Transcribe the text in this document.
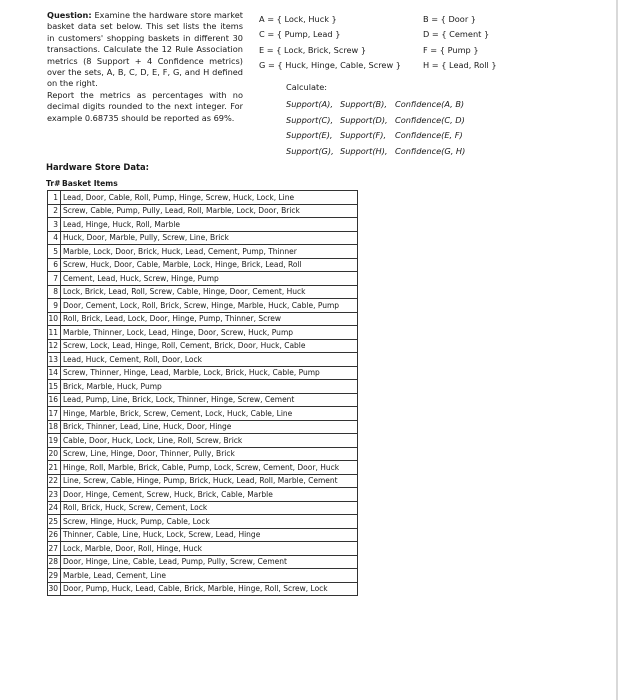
Question: Examine the hardware store market basket data set below. This set lists the items in customers' shopping baskets in different 30 transactions. Calculate the 12 Rule Association metrics (8 Support + 4 Confidence metrics) over the sets, A, B, C, D, E, F, G, and H defined on the right.

Report the metrics as percentages with no decimal digits rounded to the next integer. For example 0.68735 should be reported as 69%.

A = { Lock, Huck }
C = { Pump, Lead }
E = { Lock, Brick, Screw }
G = { Huck, Hinge, Cable, Screw }
B = { Door }
D = { Cement }
F = { Pump }
H = { Lead, Roll }
Calculate:
Support(A), Support(B), Confidence(A, B)
Support(C), Support(D), Confidence(C, D)
Support(E), Support(F), Confidence(E, F)
Support(G), Support(H), Confidence(G, H)
Hardware Store Data:
Tr# Basket Items
1	Lead, Door, Cable, Roll, Pump, Hinge, Screw, Huck, Lock, Line
2	Screw, Cable, Pump, Pully, Lead, Roll, Marble, Lock, Door, Brick
3	Lead, Hinge, Huck, Roll, Marble
4	Huck, Door, Marble, Pully, Screw, Line, Brick
5	Marble, Lock, Door, Brick, Huck, Lead, Cement, Pump, Thinner
6	Screw, Huck, Door, Cable, Marble, Lock, Hinge, Brick, Lead, Roll
7	Cement, Lead, Huck, Screw, Hinge, Pump
8	Lock, Brick, Lead, Roll, Screw, Cable, Hinge, Door, Cement, Huck
9	Door, Cement, Lock, Roll, Brick, Screw, Hinge, Marble, Huck, Cable, Pump
10	Roll, Brick, Lead, Lock, Door, Hinge, Pump, Thinner, Screw
11	Marble, Thinner, Lock, Lead, Hinge, Door, Screw, Huck, Pump
12	Screw, Lock, Lead, Hinge, Roll, Cement, Brick, Door, Huck, Cable
13	Lead, Huck, Cement, Roll, Door, Lock
14	Screw, Thinner, Hinge, Lead, Marble, Lock, Brick, Huck, Cable, Pump
15	Brick, Marble, Huck, Pump
16	Lead, Pump, Line, Brick, Lock, Thinner, Hinge, Screw, Cement
17	Hinge, Marble, Brick, Screw, Cement, Lock, Huck, Cable, Line
18	Brick, Thinner, Lead, Line, Huck, Door, Hinge
19	Cable, Door, Huck, Lock, Line, Roll, Screw, Brick
20	Screw, Line, Hinge, Door, Thinner, Pully, Brick
21	Hinge, Roll, Marble, Brick, Cable, Pump, Lock, Screw, Cement, Door, Huck
22	Line, Screw, Cable, Hinge, Pump, Brick, Huck, Lead, Roll, Marble, Cement
23	Door, Hinge, Cement, Screw, Huck, Brick, Cable, Marble
24	Roll, Brick, Huck, Screw, Cement, Lock
25	Screw, Hinge, Huck, Pump, Cable, Lock
26	Thinner, Cable, Line, Huck, Lock, Screw, Lead, Hinge
27	Lock, Marble, Door, Roll, Hinge, Huck
28	Door, Hinge, Line, Cable, Lead, Pump, Pully, Screw, Cement
29	Marble, Lead, Cement, Line
30	Door, Pump, Huck, Lead, Cable, Brick, Marble, Hinge, Roll, Screw, Lock
